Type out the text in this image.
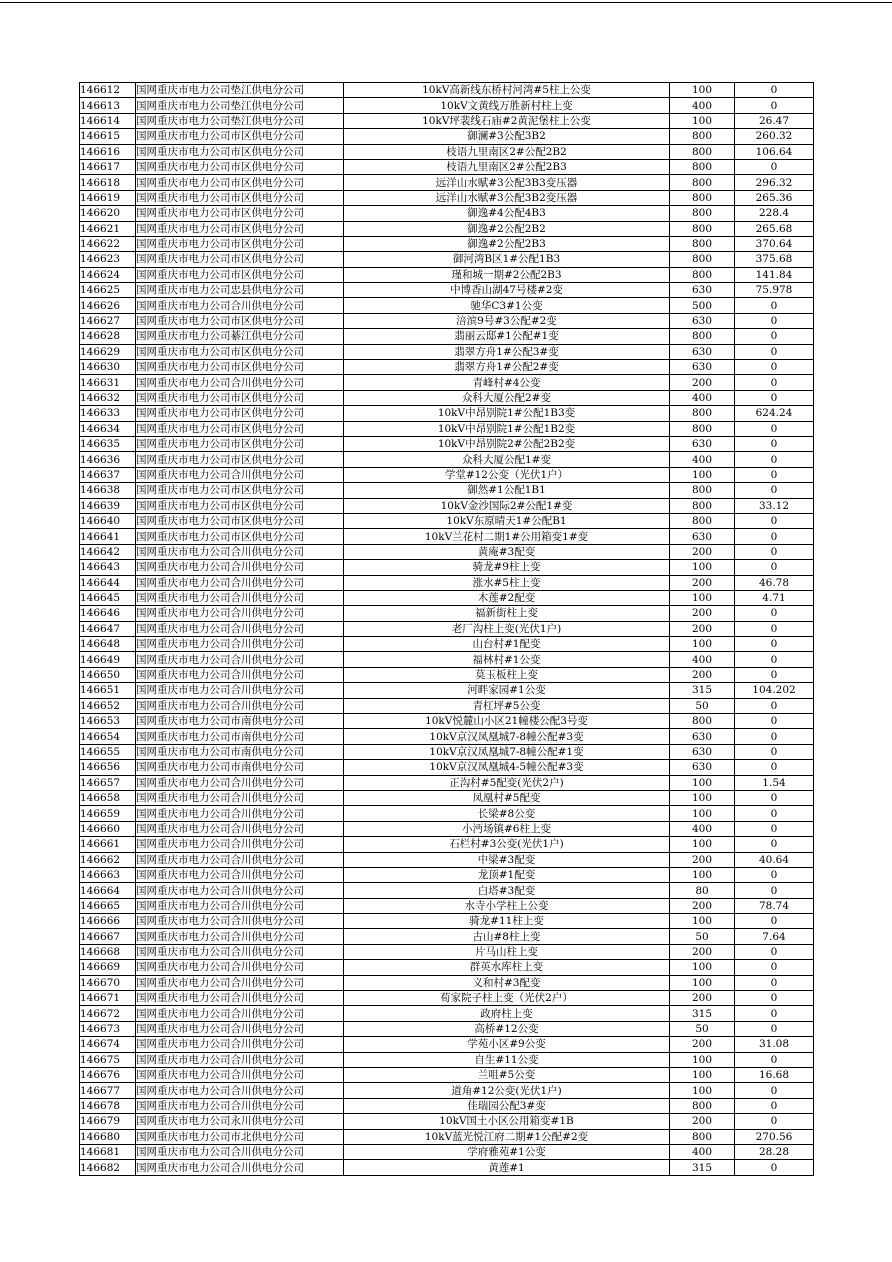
146612	国网重庆市电力公司垫江供电分公司	10kV高新线东桥村河湾#5柱上公变	100	0
146613	国网重庆市电力公司垫江供电分公司	10kV文黄线万胜新村柱上变	400	0
146614	国网重庆市电力公司垫江供电分公司	10kV坪裴线石庙#2黄泥堡柱上公变	100	26.47
146615	国网重庆市电力公司市区供电分公司	御澜#3公配3B2	800	260.32
146616	国网重庆市电力公司市区供电分公司	枝语九里南区2#公配2B2	800	106.64
146617	国网重庆市电力公司市区供电分公司	枝语九里南区2#公配2B3	800	0
146618	国网重庆市电力公司市区供电分公司	远洋山水赋#3公配3B3变压器	800	296.32
146619	国网重庆市电力公司市区供电分公司	远洋山水赋#3公配3B2变压器	800	265.36
146620	国网重庆市电力公司市区供电分公司	御逸#4公配4B3	800	228.4
146621	国网重庆市电力公司市区供电分公司	御逸#2公配2B2	800	265.68
146622	国网重庆市电力公司市区供电分公司	御逸#2公配2B3	800	370.64
146623	国网重庆市电力公司市区供电分公司	御河湾B区1#公配1B3	800	375.68
146624	国网重庆市电力公司市区供电分公司	瑾和城一期#2公配2B3	800	141.84
146625	国网重庆市电力公司忠县供电分公司	中博香山湖47号楼#2变	630	75.978
146626	国网重庆市电力公司合川供电分公司	驰华C3#1公变	500	0
146627	国网重庆市电力公司市区供电分公司	涪滨9号#3公配#2变	630	0
146628	国网重庆市电力公司綦江供电分公司	翡丽云邸#1公配#1变	800	0
146629	国网重庆市电力公司市区供电分公司	翡翠方舟1#公配3#变	630	0
146630	国网重庆市电力公司市区供电分公司	翡翠方舟1#公配2#变	630	0
146631	国网重庆市电力公司合川供电分公司	青峰村#4公变	200	0
146632	国网重庆市电力公司市区供电分公司	众科大厦公配2#变	400	0
146633	国网重庆市电力公司市区供电分公司	10kV中昂别院1#公配1B3变	800	624.24
146634	国网重庆市电力公司市区供电分公司	10kV中昂别院1#公配1B2变	800	0
146635	国网重庆市电力公司市区供电分公司	10kV中昂别院2#公配2B2变	630	0
146636	国网重庆市电力公司市区供电分公司	众科大厦公配1#变	400	0
146637	国网重庆市电力公司合川供电分公司	学堂#12公变（光伏1户）	100	0
146638	国网重庆市电力公司市区供电分公司	御然#1公配1B1	800	0
146639	国网重庆市电力公司市区供电分公司	10kV金沙国际2#公配1#变	800	33.12
146640	国网重庆市电力公司市区供电分公司	10kV东原晴天1#公配B1	800	0
146641	国网重庆市电力公司市区供电分公司	10kV兰花村二期1#公用箱变1#变	630	0
146642	国网重庆市电力公司合川供电分公司	黄庵#3配变	200	0
146643	国网重庆市电力公司合川供电分公司	骑龙#9柱上变	100	0
146644	国网重庆市电力公司合川供电分公司	涨水#5柱上变	200	46.78
146645	国网重庆市电力公司合川供电分公司	木莲#2配变	100	4.71
146646	国网重庆市电力公司合川供电分公司	福新街柱上变	200	0
146647	国网重庆市电力公司合川供电分公司	老厂沟柱上变(光伏1户)	200	0
146648	国网重庆市电力公司合川供电分公司	山台村#1配变	100	0
146649	国网重庆市电力公司合川供电分公司	福林村#1公变	400	0
146650	国网重庆市电力公司合川供电分公司	莫玉板柱上变	200	0
146651	国网重庆市电力公司合川供电分公司	河畔家园#1公变	315	104.202
146652	国网重庆市电力公司合川供电分公司	青杠坪#5公变	50	0
146653	国网重庆市电力公司市南供电分公司	10kV悦麓山小区21幢楼公配3号变	800	0
146654	国网重庆市电力公司市南供电分公司	10kV京汉凤凰城7-8幢公配#3变	630	0
146655	国网重庆市电力公司市南供电分公司	10kV京汉凤凰城7-8幢公配#1变	630	0
146656	国网重庆市电力公司市南供电分公司	10kV京汉凤凰城4-5幢公配#3变	630	0
146657	国网重庆市电力公司合川供电分公司	正沟村#5配变(光伏2户)	100	1.54
146658	国网重庆市电力公司合川供电分公司	凤凰村#5配变	100	0
146659	国网重庆市电力公司合川供电分公司	长梁#8公变	100	0
146660	国网重庆市电力公司合川供电分公司	小沔场镇#6柱上变	400	0
146661	国网重庆市电力公司合川供电分公司	石栏村#3公变(光伏1户)	100	0
146662	国网重庆市电力公司合川供电分公司	中梁#3配变	200	40.64
146663	国网重庆市电力公司合川供电分公司	龙顶#1配变	100	0
146664	国网重庆市电力公司合川供电分公司	白塔#3配变	80	0
146665	国网重庆市电力公司合川供电分公司	水寺小学柱上公变	200	78.74
146666	国网重庆市电力公司合川供电分公司	骑龙#11柱上变	100	0
146667	国网重庆市电力公司合川供电分公司	古山#8柱上变	50	7.64
146668	国网重庆市电力公司合川供电分公司	片马山柱上变	200	0
146669	国网重庆市电力公司合川供电分公司	群英水库柱上变	100	0
146670	国网重庆市电力公司合川供电分公司	义和村#3配变	100	0
146671	国网重庆市电力公司合川供电分公司	荀家院子柱上变（光伏2户）	200	0
146672	国网重庆市电力公司合川供电分公司	政府柱上变	315	0
146673	国网重庆市电力公司合川供电分公司	高桥#12公变	50	0
146674	国网重庆市电力公司合川供电分公司	学苑小区#9公变	200	31.08
146675	国网重庆市电力公司合川供电分公司	自生#11公变	100	0
146676	国网重庆市电力公司合川供电分公司	兰咀#5公变	100	16.68
146677	国网重庆市电力公司合川供电分公司	道角#12公变(光伏1户)	100	0
146678	国网重庆市电力公司合川供电分公司	佳瑞园公配3#变	800	0
146679	国网重庆市电力公司永川供电分公司	10kV国土小区公用箱变#1B	200	0
146680	国网重庆市电力公司市北供电分公司	10kV蓝光悦江府二期#1公配#2变	800	270.56
146681	国网重庆市电力公司合川供电分公司	学府雅苑#1公变	400	28.28
146682	国网重庆市电力公司合川供电分公司	黄莲#1	315	0
